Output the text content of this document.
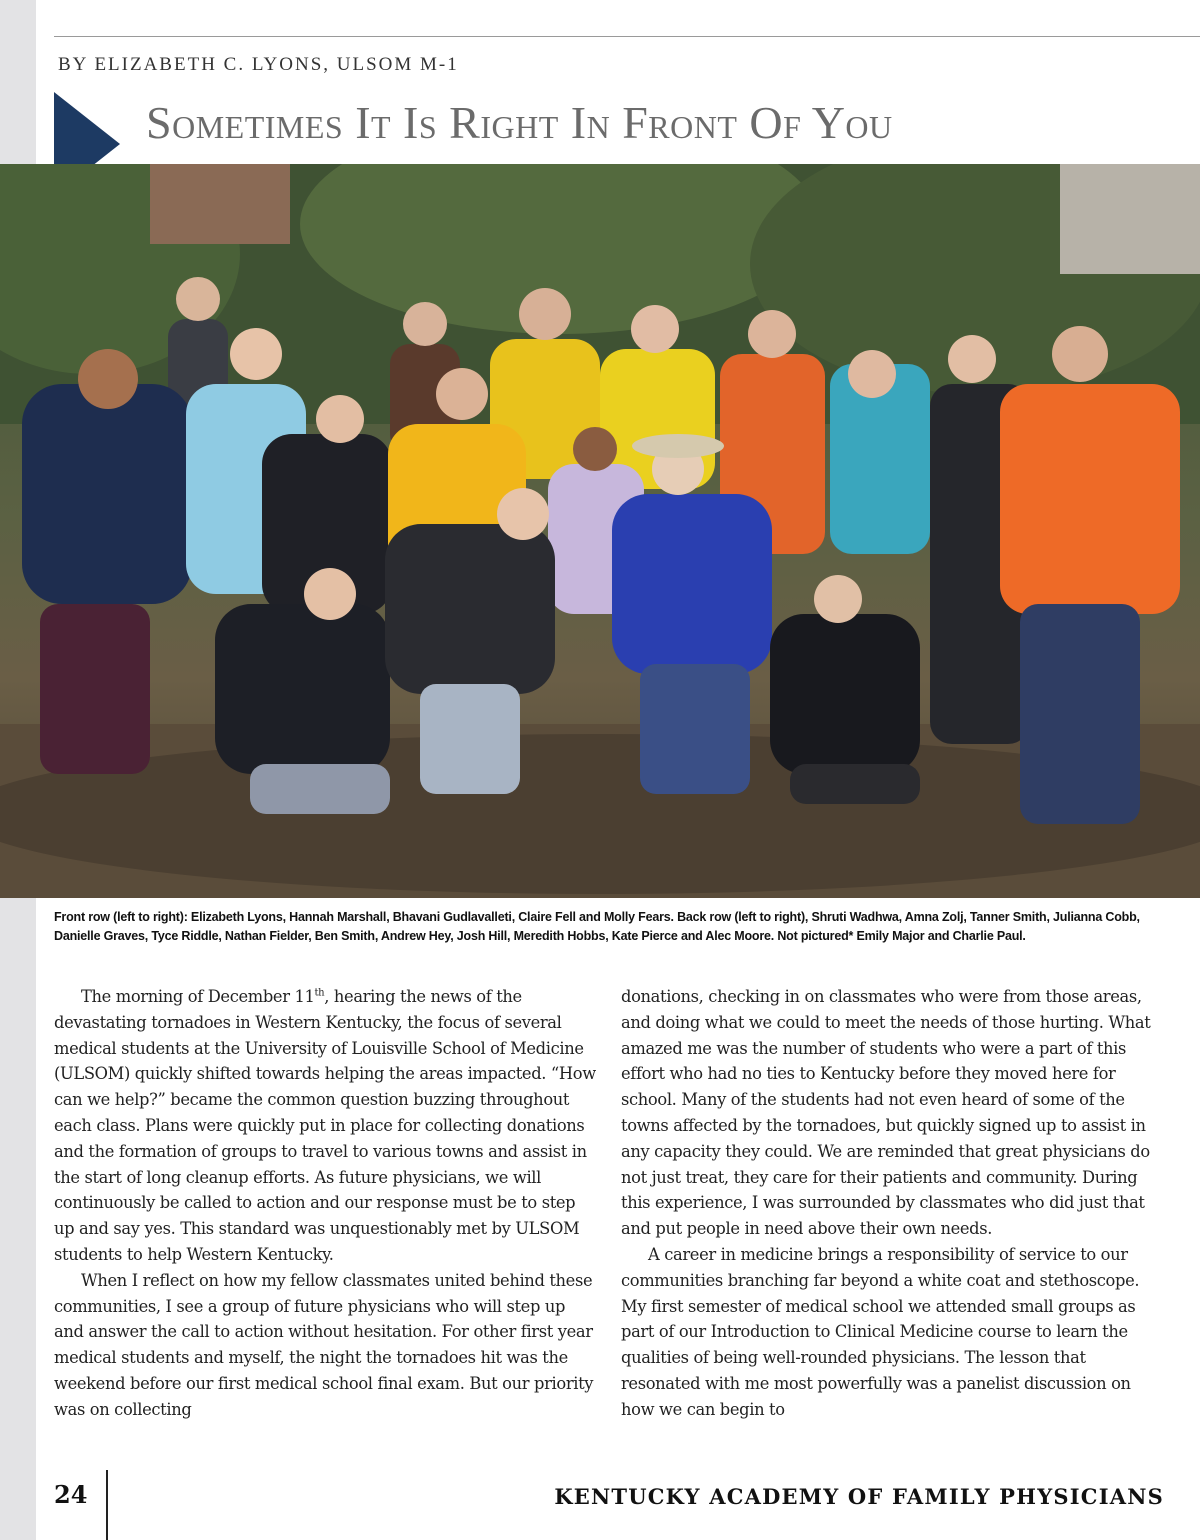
BY ELIZABETH C. LYONS, ULSOM M-1
Sometimes It Is Right In Front Of You
Front row (left to right): Elizabeth Lyons, Hannah Marshall, Bhavani Gudlavalleti, Claire Fell and Molly Fears. Back row (left to right), Shruti Wadhwa, Amna Zolj, Tanner Smith, Julianna Cobb, Danielle Graves, Tyce Riddle, Nathan Fielder, Ben Smith, Andrew Hey, Josh Hill, Meredith Hobbs, Kate Pierce and Alec Moore. Not pictured* Emily Major and Charlie Paul.

The morning of December 11th, hearing the news of the devastating tornadoes in Western Kentucky, the focus of several medical students at the University of Louisville School of Medicine (ULSOM) quickly shifted towards helping the areas impacted. “How can we help?” became the common question buzzing throughout each class. Plans were quickly put in place for collecting donations and the formation of groups to travel to various towns and assist in the start of long cleanup efforts. As future physicians, we will continuously be called to action and our response must be to step up and say yes. This standard was unquestionably met by ULSOM students to help Western Kentucky.

When I reflect on how my fellow classmates united behind these communities, I see a group of future physicians who will step up and answer the call to action without hesitation. For other first year medical students and myself, the night the tornadoes hit was the weekend before our first medical school final exam. But our priority was on collecting

donations, checking in on classmates who were from those areas, and doing what we could to meet the needs of those hurting. What amazed me was the number of students who were a part of this effort who had no ties to Kentucky before they moved here for school. Many of the students had not even heard of some of the towns affected by the tornadoes, but quickly signed up to assist in any capacity they could. We are reminded that great physicians do not just treat, they care for their patients and community. During this experience, I was surrounded by classmates who did just that and put people in need above their own needs.

A career in medicine brings a responsibility of service to our communities branching far beyond a white coat and stethoscope. My first semester of medical school we attended small groups as part of our Introduction to Clinical Medicine course to learn the qualities of being well-rounded physicians. The lesson that resonated with me most powerfully was a panelist discussion on how we can begin to

24	KENTUCKY ACADEMY OF FAMILY PHYSICIANS
